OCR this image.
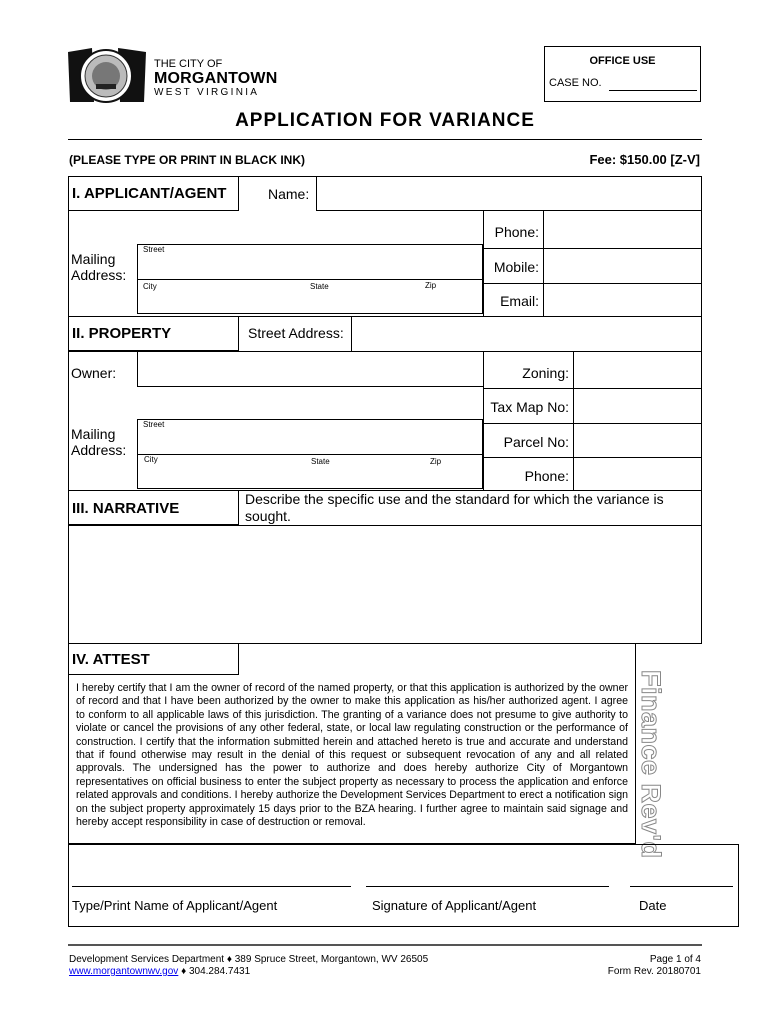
THE CITY OF
MORGANTOWN
WEST VIRGINIA
OFFICE USE
CASE NO.
APPLICATION FOR VARIANCE
(PLEASE TYPE OR PRINT IN BLACK INK)	Fee: $150.00 [Z-V]
I. APPLICANT/AGENT	Name:
Mailing
Address:
Street
City	State	Zip
Phone:
Mobile:
Email:
II. PROPERTY	Street Address:
Owner:
Mailing
Address:
Street
City	State	Zip
Zoning:
Tax Map No:
Parcel No:
Phone:
III. NARRATIVE
Describe the specific use and the standard for which the variance is sought.
IV. ATTEST
I hereby certify that I am the owner of record of the named property, or that this application is authorized by the owner of record and that I have been authorized by the owner to make this application as his/her authorized agent. I agree to conform to all applicable laws of this jurisdiction. The granting of a variance does not presume to give authority to violate or cancel the provisions of any other federal, state, or local law regulating construction or the performance of construction. I certify that the information submitted herein and attached hereto is true and accurate and understand that if found otherwise may result in the denial of this request or subsequent revocation of any and all related approvals. The undersigned has the power to authorize and does hereby authorize City of Morgantown representatives on official business to enter the subject property as necessary to process the application and enforce related approvals and conditions. I hereby authorize the Development Services Department to erect a notification sign on the subject property approximately 15 days prior to the BZA hearing. I further agree to maintain said signage and hereby accept responsibility in case of destruction or removal.	Finance Rev'd
Type/Print Name of Applicant/Agent	Signature of Applicant/Agent	Date
Development Services Department ♦ 389 Spruce Street, Morgantown, WV 26505
www.morgantownwv.gov ♦ 304.284.7431
Page 1 of 4
Form Rev. 20180701
